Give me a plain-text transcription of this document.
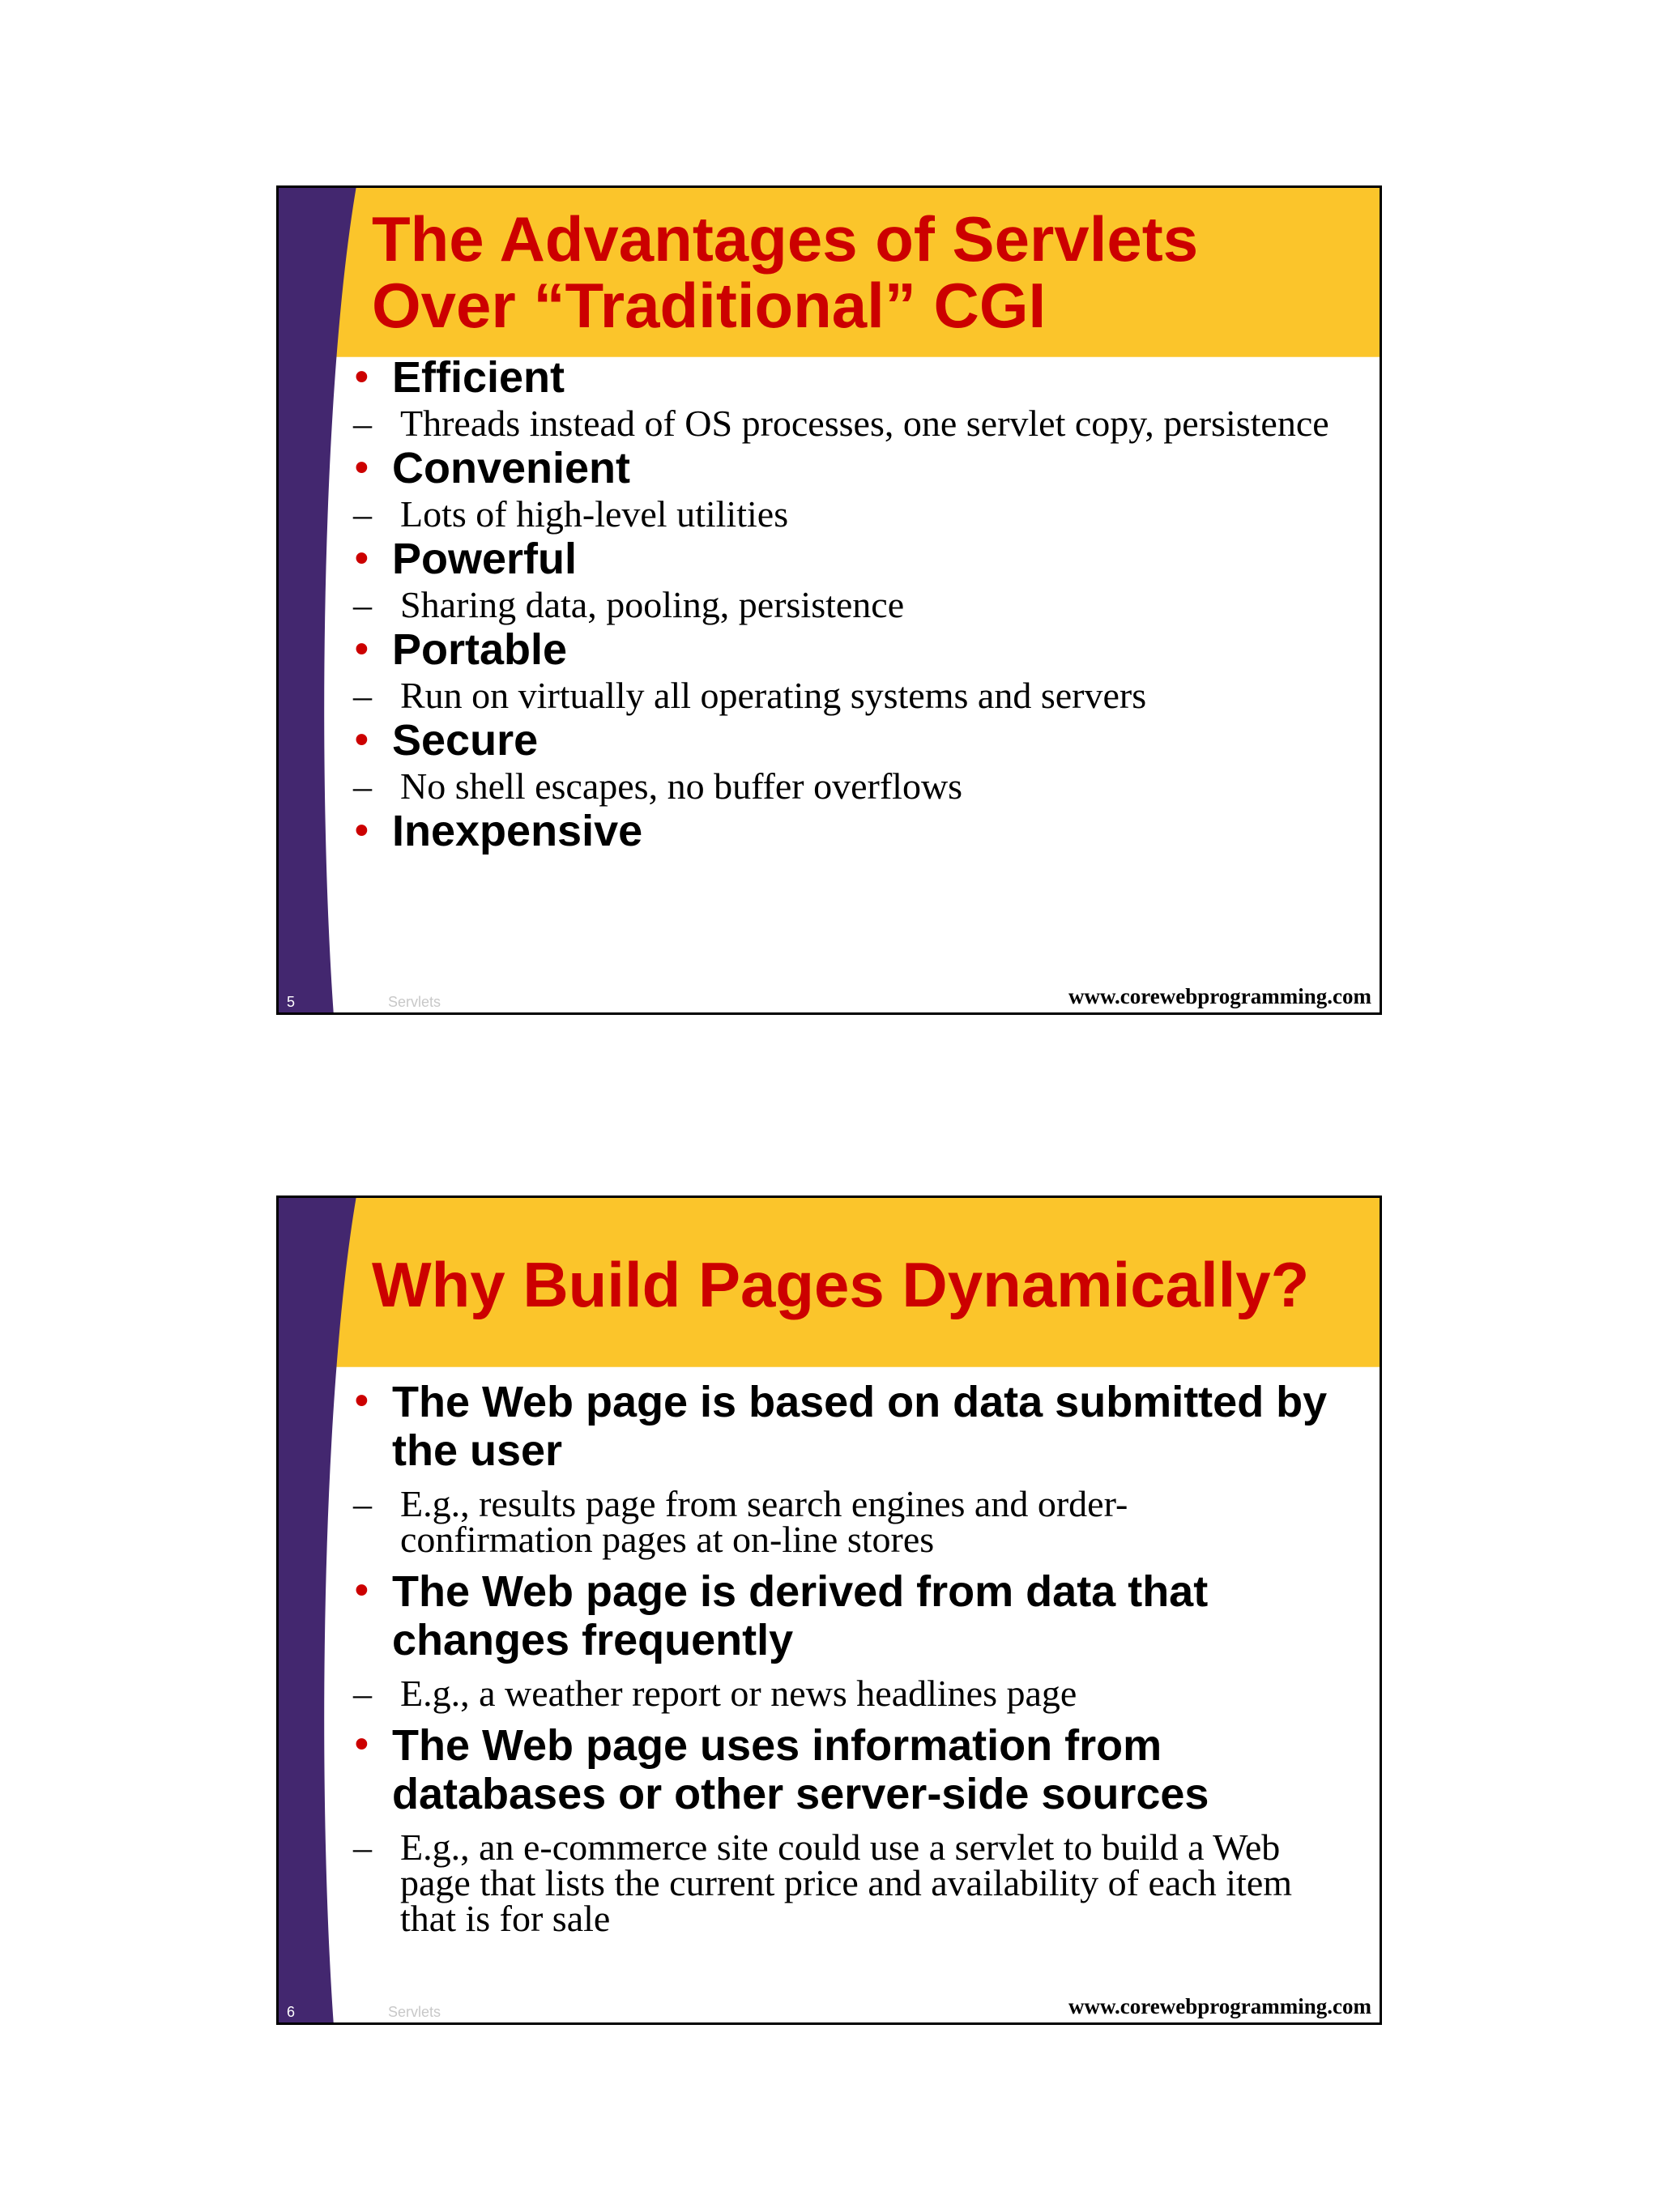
The Advantages of Servlets
Over “Traditional” CGI
• Efficient
– Threads instead of OS processes, one servlet copy, persistence
• Convenient
– Lots of high-level utilities
• Powerful
– Sharing data, pooling, persistence
• Portable
– Run on virtually all operating systems and servers
• Secure
– No shell escapes, no buffer overflows
• Inexpensive
5	Servlets	www.corewebprogramming.com
Why Build Pages Dynamically?
• The Web page is based on data submitted by the user
– E.g., results page from search engines and order-confirmation pages at on-line stores
• The Web page is derived from data that changes frequently
– E.g., a weather report or news headlines page
• The Web page uses information from databases or other server-side sources
– E.g., an e-commerce site could use a servlet to build a Web page that lists the current price and availability of each item that is for sale
6	Servlets	www.corewebprogramming.com
